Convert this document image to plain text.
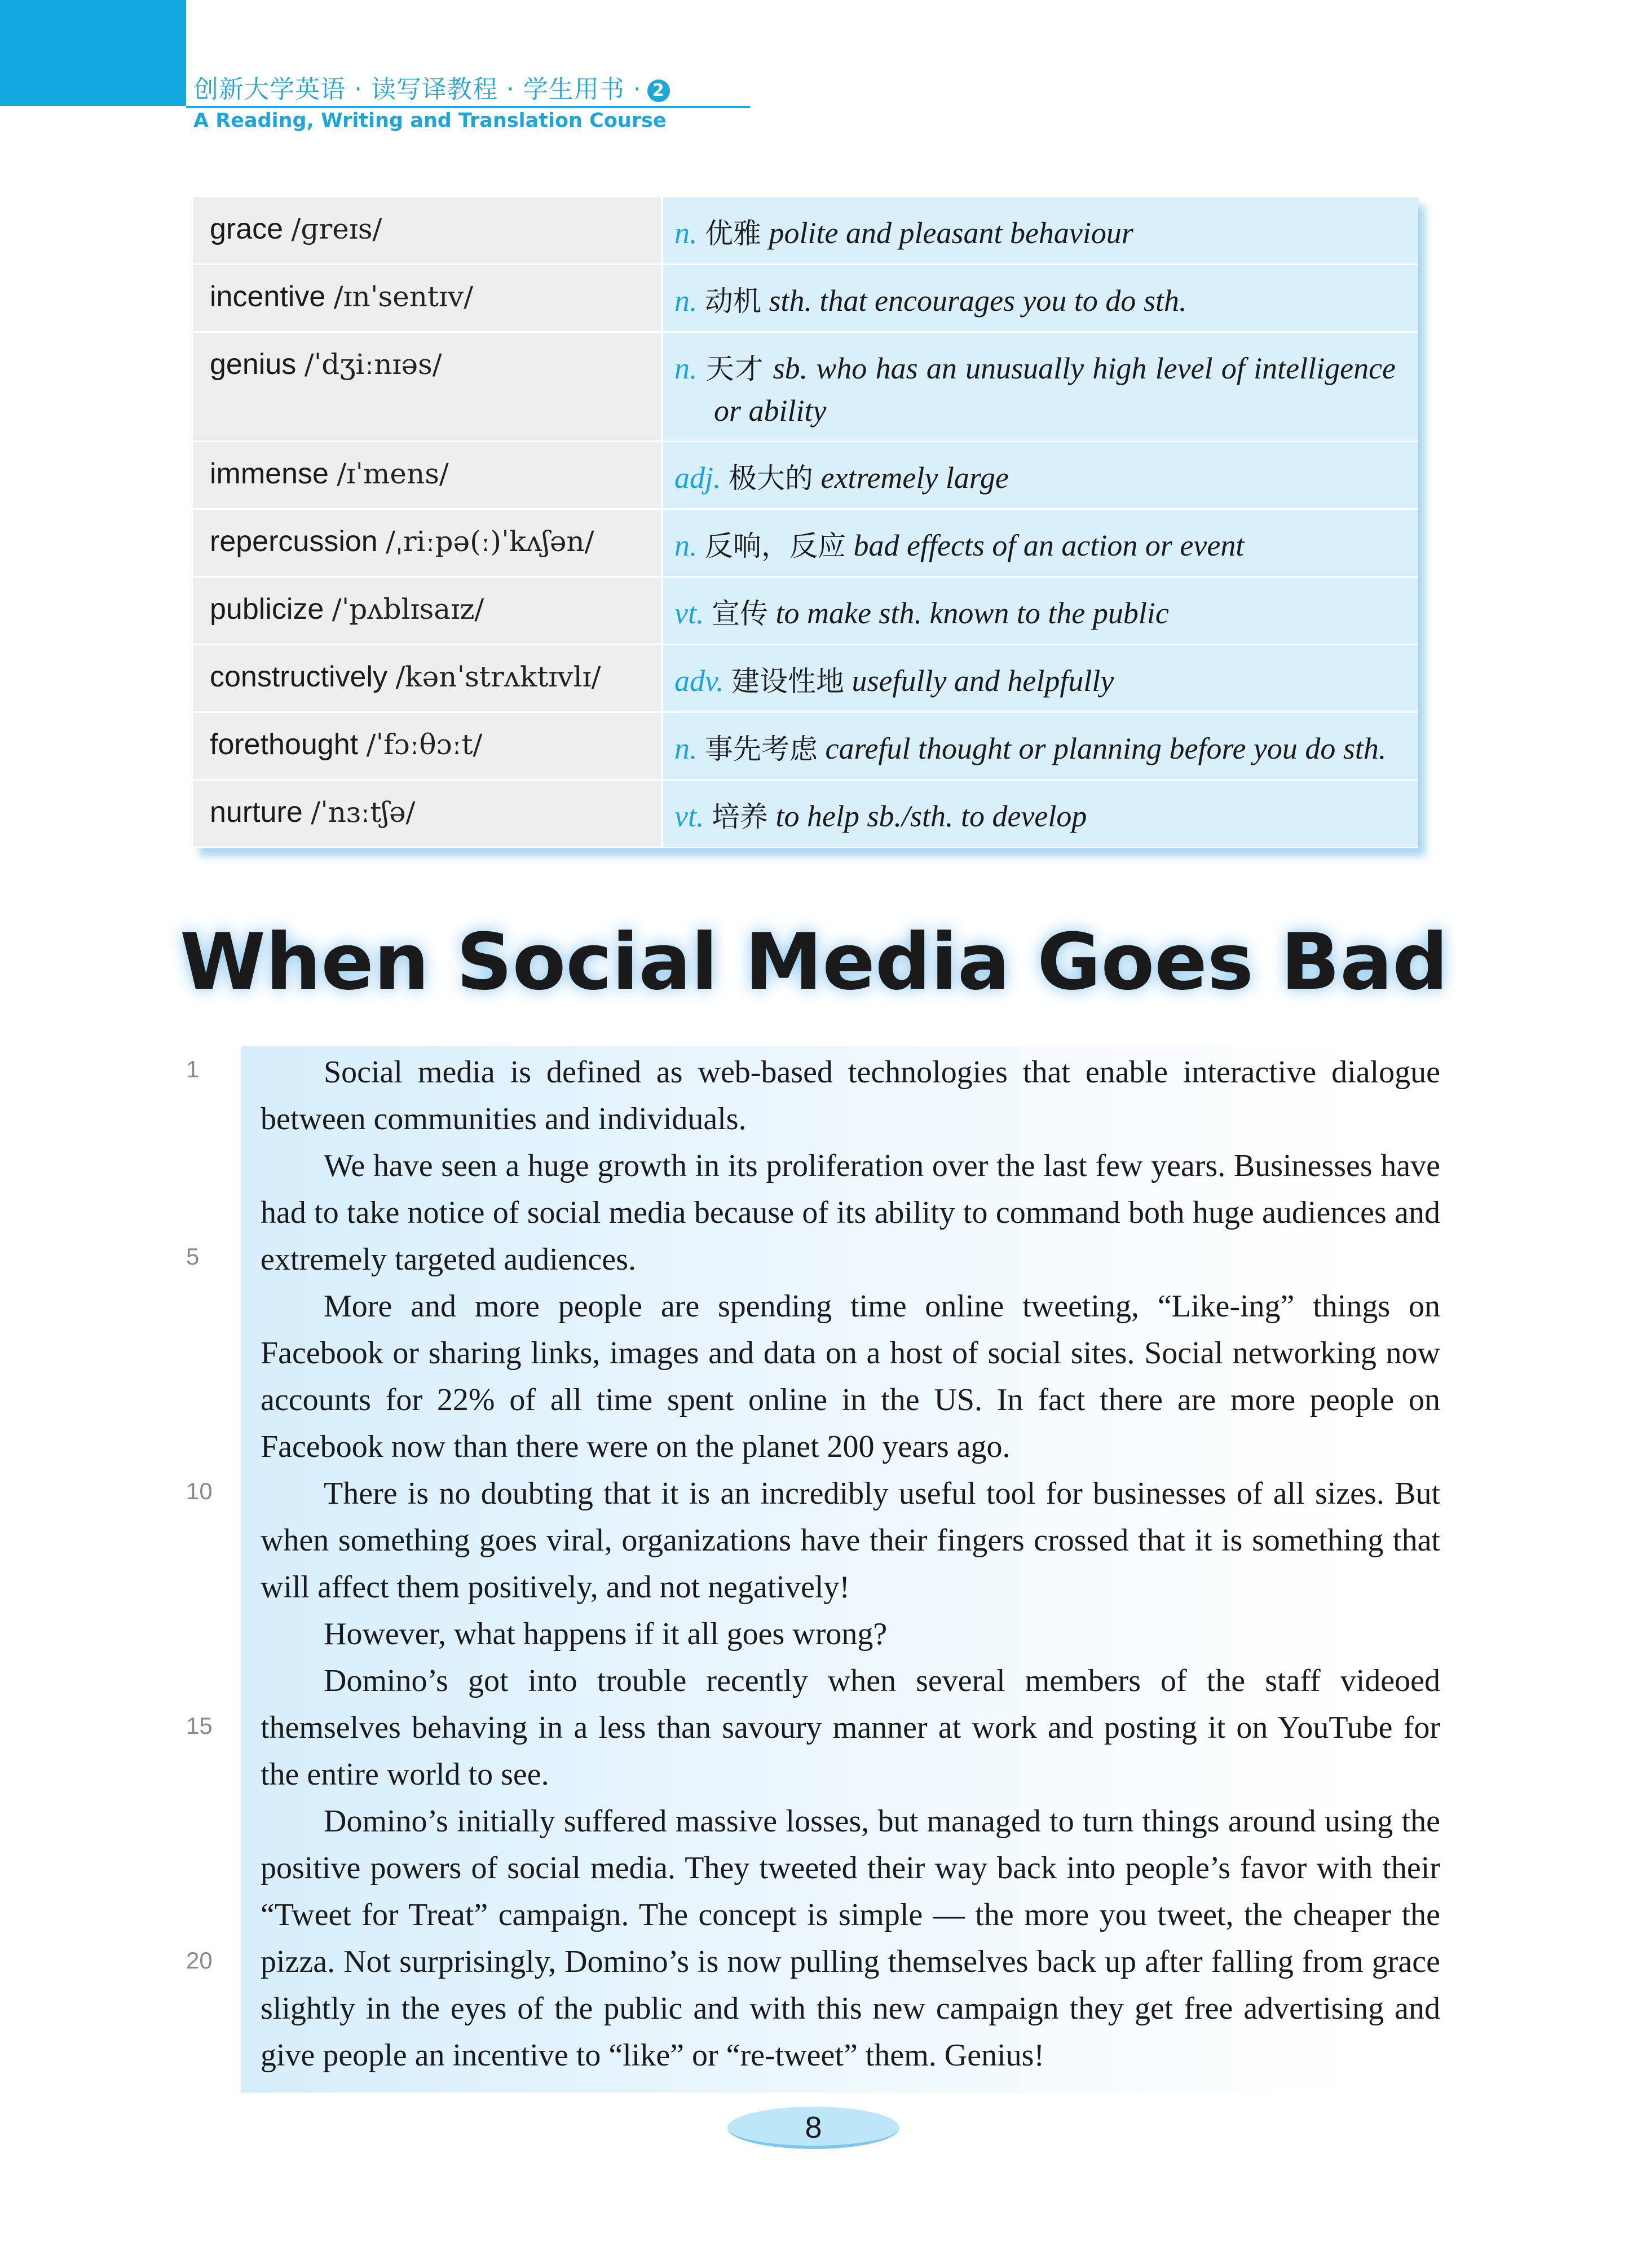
创新大学英语 · 读写译教程 · 学生用书 · 2
A Reading, Writing and Translation Course
grace /ɡreɪs/	n. 优雅 polite and pleasant behaviour
incentive /ɪnˈsentɪv/	n. 动机 sth. that encourages you to do sth.
genius /ˈdʒiːnɪəs/	n. 天才 sb. who has an unusually high level of intelligence or ability

immense /ɪˈmens/	adj. 极大的 extremely large
repercussion /ˌriːpə(ː)ˈkʌʃən/	n. 反响，反应 bad effects of an action or event
publicize /ˈpʌblɪsaɪz/	vt. 宣传 to make sth. known to the public
constructively /kənˈstrʌktɪvlɪ/	adv. 建设性地 usefully and helpfully
forethought /ˈfɔːθɔːt/	n. 事先考虑 careful thought or planning before you do sth.

nurture /ˈnɜːtʃə/	vt. 培养 to help sb./sth. to develop
When Social Media Goes Bad
1
5
10
15
20

Social media is defined as web-based technologies that enable interactive dialogue between communities and individuals.

We have seen a huge growth in its proliferation over the last few years. Businesses have had to take notice of social media because of its ability to command both huge audiences and extremely targeted audiences.

More and more people are spending time online tweeting, “Like-ing” things on Facebook or sharing links, images and data on a host of social sites. Social networking now accounts for 22% of all time spent online in the US. In fact there are more people on Facebook now than there were on the planet 200 years ago.

There is no doubting that it is an incredibly useful tool for businesses of all sizes. But when something goes viral, organizations have their fingers crossed that it is something that will affect them positively, and not negatively!

However, what happens if it all goes wrong?

Domino’s got into trouble recently when several members of the staff videoed themselves behaving in a less than savoury manner at work and posting it on YouTube for the entire world to see.

Domino’s initially suffered massive losses, but managed to turn things around using the positive powers of social media. They tweeted their way back into people’s favor with their “Tweet for Treat” campaign. The concept is simple — the more you tweet, the cheaper the pizza. Not surprisingly, Domino’s is now pulling themselves back up after falling from grace slightly in the eyes of the public and with this new campaign they get free advertising and give people an incentive to “like” or “re-tweet” them. Genius!

8
